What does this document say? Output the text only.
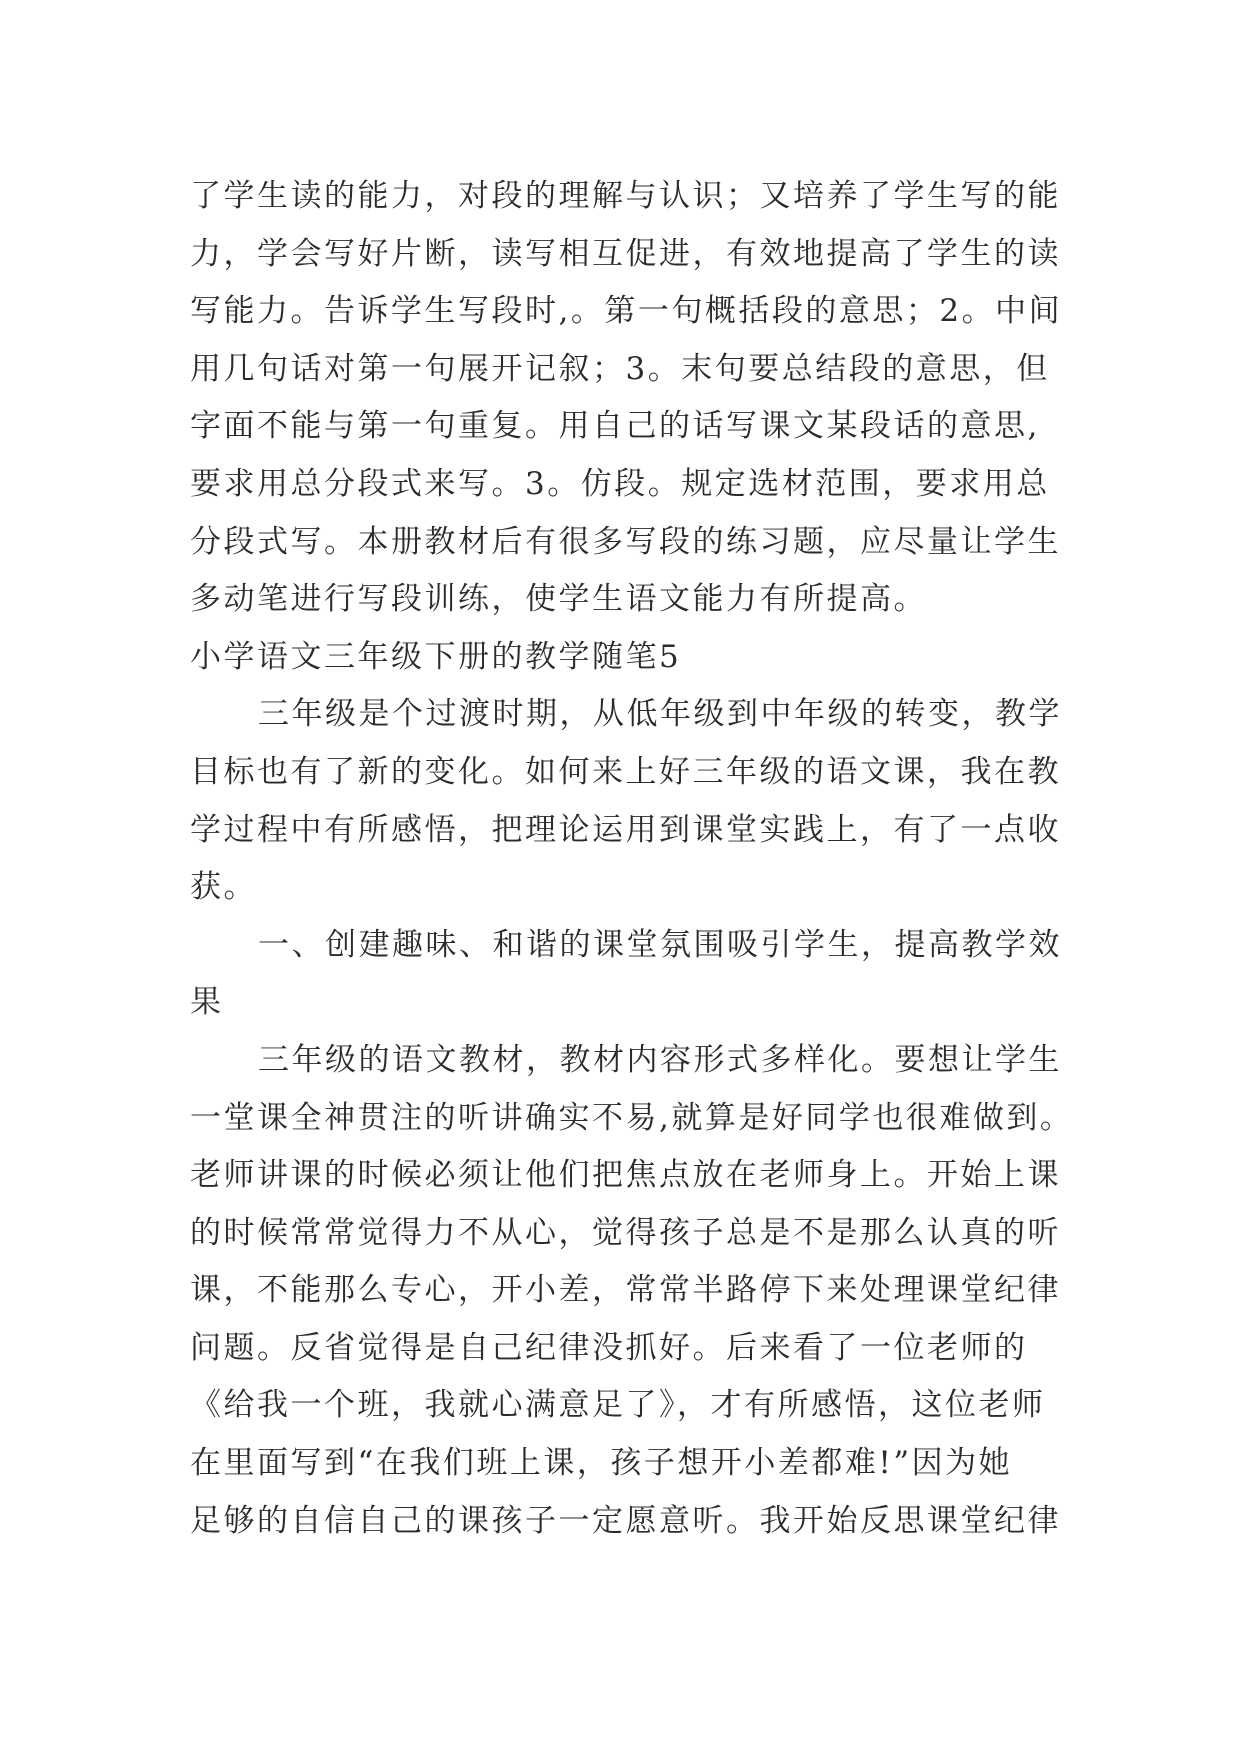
了学生读的能力，对段的理解与认识；又培养了学生写的能
力，学会写好片断，读写相互促进，有效地提高了学生的读
写能力。告诉学生写段时,。第一句概括段的意思；2。中间
用几句话对第一句展开记叙；3。末句要总结段的意思，但
字面不能与第一句重复。用自己的话写课文某段话的意思,
要求用总分段式来写。3。仿段。规定选材范围，要求用总
分段式写。本册教材后有很多写段的练习题，应尽量让学生
多动笔进行写段训练，使学生语文能力有所提高。
小学语文三年级下册的教学随笔5
三年级是个过渡时期，从低年级到中年级的转变，教学
目标也有了新的变化。如何来上好三年级的语文课，我在教
学过程中有所感悟，把理论运用到课堂实践上，有了一点收
获。
一、创建趣味、和谐的课堂氛围吸引学生，提高教学效
果
三年级的语文教材，教材内容形式多样化。要想让学生
一堂课全神贯注的听讲确实不易,就算是好同学也很难做到。
老师讲课的时候必须让他们把焦点放在老师身上。开始上课
的时候常常觉得力不从心，觉得孩子总是不是那么认真的听
课，不能那么专心，开小差，常常半路停下来处理课堂纪律
问题。反省觉得是自己纪律没抓好。后来看了一位老师的
《给我一个班，我就心满意足了》，才有所感悟，这位老师
在里面写到“在我们班上课，孩子想开小差都难!”因为她
足够的自信自己的课孩子一定愿意听。我开始反思课堂纪律
